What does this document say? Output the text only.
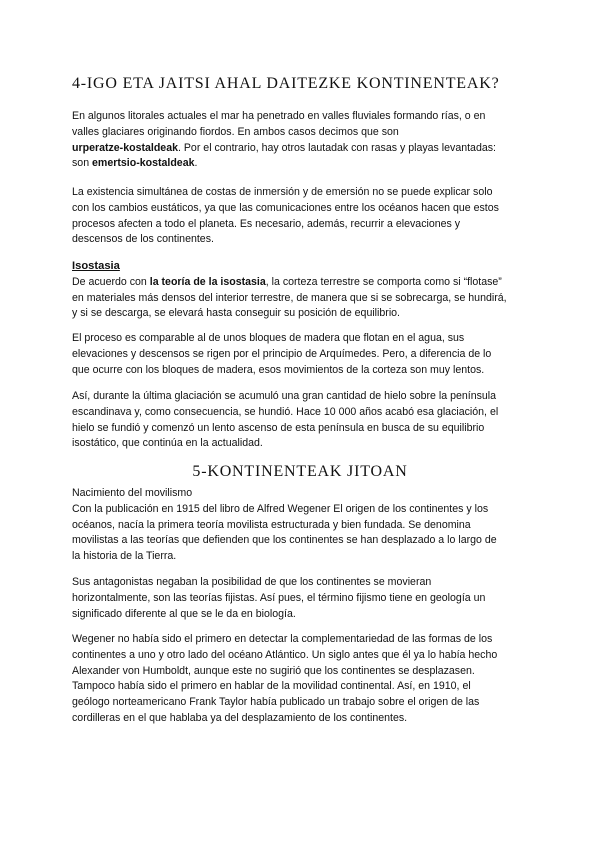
4-IGO ETA JAITSI AHAL DAITEZKE KONTINENTEAK?
En algunos litorales actuales el mar ha penetrado en valles fluviales formando rías, o en
valles glaciares originando fiordos. En ambos casos decimos que son
urperatze-kostaldeak. Por el contrario, hay otros lautadak con rasas y playas levantadas:
son emertsio-kostaldeak.
La existencia simultánea de costas de inmersión y de emersión no se puede explicar solo
con los cambios eustáticos, ya que las comunicaciones entre los océanos hacen que estos
procesos afecten a todo el planeta. Es necesario, además, recurrir a elevaciones y
descensos de los continentes.
Isostasia
De acuerdo con la teoría de la isostasia, la corteza terrestre se comporta como si “flotase”
en materiales más densos del interior terrestre, de manera que si se sobrecarga, se hundirá,
y si se descarga, se elevará hasta conseguir su posición de equilibrio.
El proceso es comparable al de unos bloques de madera que flotan en el agua, sus
elevaciones y descensos se rigen por el principio de Arquímedes. Pero, a diferencia de lo
que ocurre con los bloques de madera, esos movimientos de la corteza son muy lentos.
Así, durante la última glaciación se acumuló una gran cantidad de hielo sobre la península
escandinava y, como consecuencia, se hundió. Hace 10 000 años acabó esa glaciación, el
hielo se fundió y comenzó un lento ascenso de esta península en busca de su equilibrio
isostático, que continúa en la actualidad.
5-KONTINENTEAK JITOAN
Nacimiento del movilismo
Con la publicación en 1915 del libro de Alfred Wegener El origen de los continentes y los
océanos, nacía la primera teoría movilista estructurada y bien fundada. Se denomina
movilistas a las teorías que defienden que los continentes se han desplazado a lo largo de
la historia de la Tierra.
Sus antagonistas negaban la posibilidad de que los continentes se movieran
horizontalmente, son las teorías fijistas. Así pues, el término fijismo tiene en geología un
significado diferente al que se le da en biología.
Wegener no había sido el primero en detectar la complementariedad de las formas de los
continentes a uno y otro lado del océano Atlántico. Un siglo antes que él ya lo había hecho
Alexander von Humboldt, aunque este no sugirió que los continentes se desplazasen.
Tampoco había sido el primero en hablar de la movilidad continental. Así, en 1910, el
geólogo norteamericano Frank Taylor había publicado un trabajo sobre el origen de las
cordilleras en el que hablaba ya del desplazamiento de los continentes.
